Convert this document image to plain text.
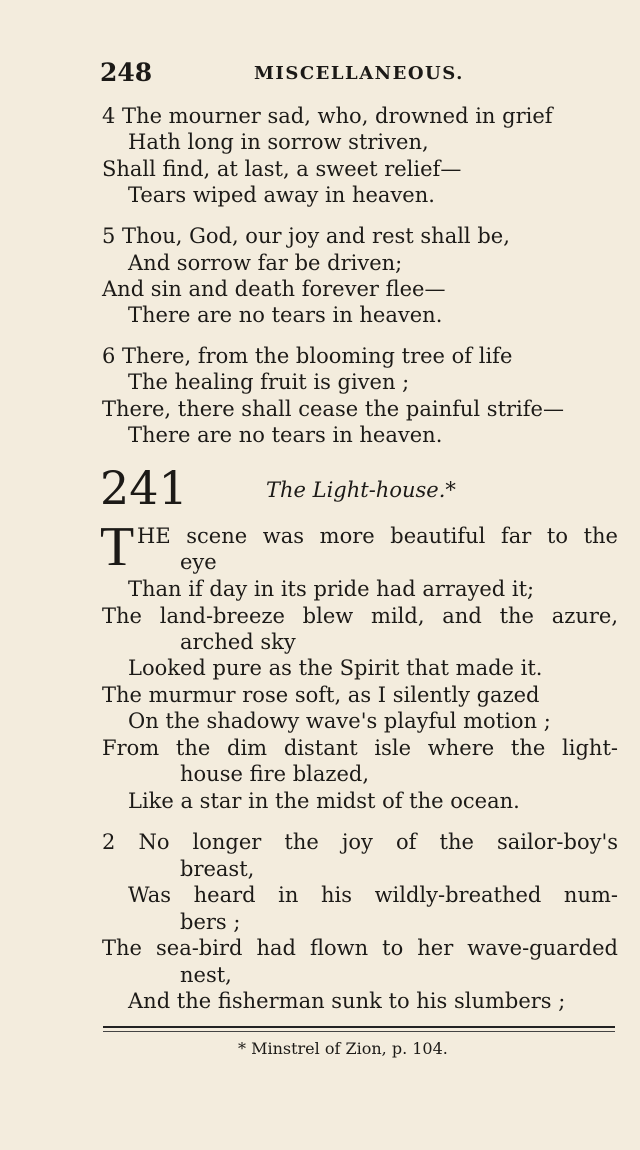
248	MISCELLANEOUS.
4 The mourner sad, who, drowned in grief
Hath long in sorrow striven,
Shall find, at last, a sweet relief—
Tears wiped away in heaven.
5 Thou, God, our joy and rest shall be,
And sorrow far be driven;
And sin and death forever flee—
There are no tears in heaven.
6 There, from the blooming tree of life
The healing fruit is given ;
There, there shall cease the painful strife—
There are no tears in heaven.
241	The Light-house.*
T HE scene was more beautiful far to the
eye
Than if day in its pride had arrayed it;
The land-breeze blew mild, and the azure,
arched sky
Looked pure as the Spirit that made it.
The murmur rose soft, as I silently gazed
On the shadowy wave's playful motion ;
From the dim distant isle where the light-
house fire blazed,
Like a star in the midst of the ocean.
2 No longer the joy of the sailor-boy's
breast,
Was heard in his wildly-breathed num-
bers ;
The sea-bird had flown to her wave-guarded
nest,
And the fisherman sunk to his slumbers ;
* Minstrel of Zion, p. 104.
